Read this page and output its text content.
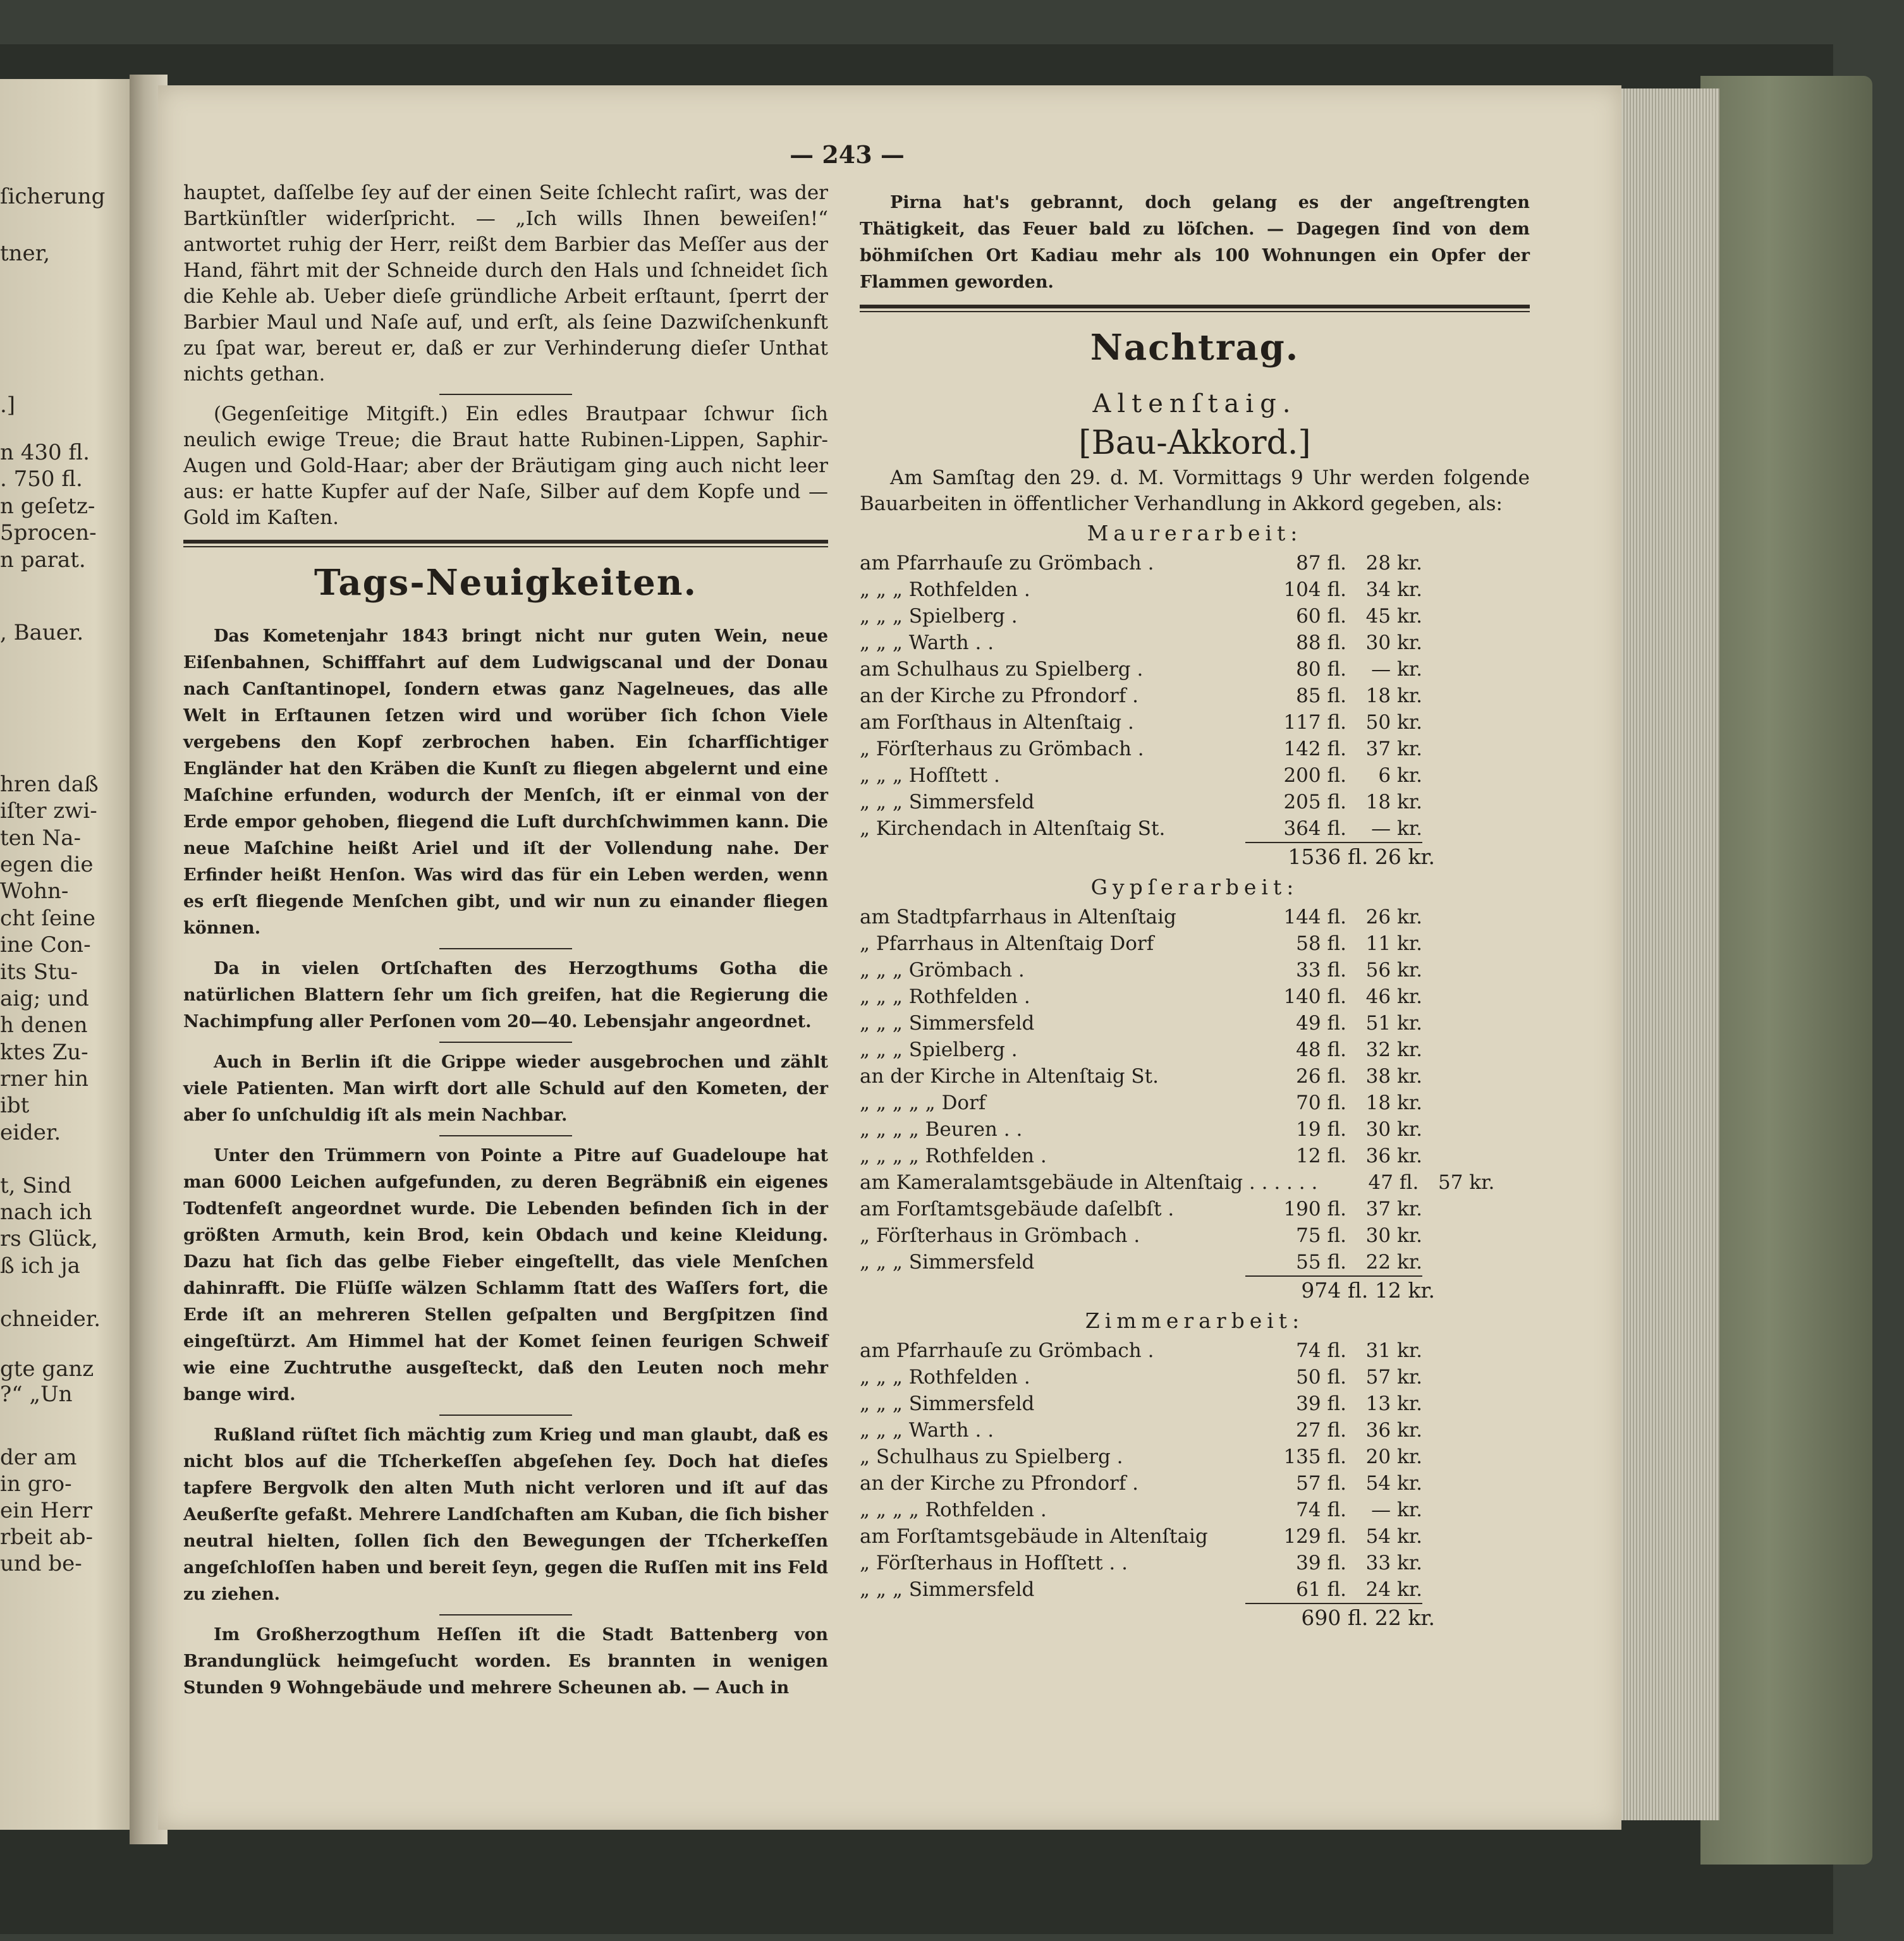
ſicherung
tner,
.]
n 430 fl.
. 750 fl.
n geſetz-
5procen-
n parat.
, Bauer.
hren daß
iſter zwi-
ten Na-
egen die
Wohn-
cht ſeine
ine Con-
its Stu-
aig; und
h denen
ktes Zu-
rner hin
ibt
eider.
t, Sind
nach ich
rs Glück,
ß ich ja
chneider.
gte ganz
?“ „Un
der am
in gro-
ein Herr
rbeit ab-
und be-
— 243 —

hauptet, daſſelbe ſey auf der einen Seite ſchlecht raſirt, was der Bartkünſtler widerſpricht. — „Ich wills Ihnen beweiſen!“ antwortet ruhig der Herr, reißt dem Barbier das Meſſer aus der Hand, fährt mit der Schneide durch den Hals und ſchneidet ſich die Kehle ab. Ueber dieſe gründliche Arbeit erſtaunt, ſperrt der Barbier Maul und Naſe auf, und erſt, als ſeine Dazwiſchenkunft zu ſpat war, bereut er, daß er zur Verhinderung dieſer Unthat nichts gethan.

(Gegenſeitige Mitgift.) Ein edles Brautpaar ſchwur ſich neulich ewige Treue; die Braut hatte Rubinen-Lippen, Saphir-Augen und Gold-Haar; aber der Bräutigam ging auch nicht leer aus: er hatte Kupfer auf der Naſe, Silber auf dem Kopfe und — Gold im Kaſten.

Tags-Neuigkeiten.

Das Kometenjahr 1843 bringt nicht nur guten Wein, neue Eiſenbahnen, Schifffahrt auf dem Ludwigscanal und der Donau nach Canſtantinopel, ſondern etwas ganz Nagelneues, das alle Welt in Erſtaunen ſetzen wird und worüber ſich ſchon Viele vergebens den Kopf zerbrochen haben. Ein ſcharfſichtiger Engländer hat den Kräben die Kunſt zu fliegen abgelernt und eine Maſchine erfunden, wodurch der Menſch, iſt er einmal von der Erde empor gehoben, fliegend die Luft durchſchwimmen kann. Die neue Maſchine heißt Ariel und iſt der Vollendung nahe. Der Erfinder heißt Henſon. Was wird das für ein Leben werden, wenn es erſt fliegende Menſchen gibt, und wir nun zu einander fliegen können.

Da in vielen Ortſchaften des Herzogthums Gotha die natürlichen Blattern ſehr um ſich greifen, hat die Regierung die Nachimpfung aller Perſonen vom 20—40. Lebensjahr angeordnet.

Auch in Berlin iſt die Grippe wieder ausgebrochen und zählt viele Patienten. Man wirft dort alle Schuld auf den Kometen, der aber ſo unſchuldig iſt als mein Nachbar.

Unter den Trümmern von Pointe a Pitre auf Guadeloupe hat man 6000 Leichen aufgefunden, zu deren Begräbniß ein eigenes Todtenfeſt angeordnet wurde. Die Lebenden befinden ſich in der größten Armuth, kein Brod, kein Obdach und keine Kleidung. Dazu hat ſich das gelbe Fieber eingeſtellt, das viele Menſchen dahinrafft. Die Flüſſe wälzen Schlamm ſtatt des Waſſers fort, die Erde iſt an mehreren Stellen geſpalten und Bergſpitzen ſind eingeſtürzt. Am Himmel hat der Komet ſeinen feurigen Schweif wie eine Zuchtruthe ausgeſteckt, daß den Leuten noch mehr bange wird.

Rußland rüſtet ſich mächtig zum Krieg und man glaubt, daß es nicht blos auf die Tſcherkeſſen abgeſehen ſey. Doch hat dieſes tapfere Bergvolk den alten Muth nicht verloren und iſt auf das Aeußerſte gefaßt. Mehrere Landſchaften am Kuban, die ſich bisher neutral hielten, ſollen ſich den Bewegungen der Tſcherkeſſen angeſchloſſen haben und bereit ſeyn, gegen die Ruſſen mit ins Feld zu ziehen.

Im Großherzogthum Heſſen iſt die Stadt Battenberg von Brandunglück heimgeſucht worden. Es brannten in wenigen Stunden 9 Wohngebäude und mehrere Scheunen ab. — Auch in

Pirna hat's gebrannt, doch gelang es der angeſtrengten Thätigkeit, das Feuer bald zu löſchen. — Dagegen ſind von dem böhmiſchen Ort Kadiau mehr als 100 Wohnungen ein Opfer der Flammen geworden.

Nachtrag.
Altenſtaig.
[Bau-Akkord.]

Am Samſtag den 29. d. M. Vormittags 9 Uhr werden folgende Bauarbeiten in öffentlicher Verhandlung in Akkord gegeben, als:

Maurerarbeit:
am Pfarrhauſe zu Grömbach .	87 fl. 28 kr.
„ „ „ Rothfelden .	104 fl. 34 kr.
„ „ „ Spielberg .	60 fl. 45 kr.
„ „ „ Warth . .	88 fl. 30 kr.
am Schulhaus zu Spielberg .	80 fl.	— kr.
an der Kirche zu Pfrondorf .	85 fl. 18 kr.
am Forſthaus in Altenſtaig .	117 fl. 50 kr.
„ Förſterhaus zu Grömbach .	142 fl. 37 kr.
„ „ „ Hofſtett .	200 fl.	6 kr.
„ „ „ Simmersfeld	205 fl. 18 kr.
„ Kirchendach in Altenſtaig St.	364 fl.	— kr.
1536 fl. 26 kr.
Gypſerarbeit:
am Stadtpfarrhaus in Altenſtaig	144 fl. 26 kr.
„ Pfarrhaus in Altenſtaig Dorf	58 fl. 11 kr.
„ „ „ Grömbach .	33 fl. 56 kr.
„ „ „ Rothfelden .	140 fl. 46 kr.
„ „ „ Simmersfeld	49 fl. 51 kr.
„ „ „ Spielberg .	48 fl. 32 kr.
an der Kirche in Altenſtaig St.	26 fl. 38 kr.
„ „ „ „ „ Dorf	70 fl. 18 kr.
„ „ „ „ Beuren . .	19 fl. 30 kr.
„ „ „ „ Rothfelden .	12 fl. 36 kr.
am Kameralamtsgebäude in Altenſtaig . . . . . .	47 fl. 57 kr.
am Forſtamtsgebäude daſelbſt .	190 fl. 37 kr.
„ Förſterhaus in Grömbach .	75 fl. 30 kr.
„ „ „ Simmersfeld	55 fl. 22 kr.
974 fl. 12 kr.
Zimmerarbeit:
am Pfarrhauſe zu Grömbach .	74 fl. 31 kr.
„ „ „ Rothfelden .	50 fl. 57 kr.
„ „ „ Simmersfeld	39 fl. 13 kr.
„ „ „ Warth . .	27 fl. 36 kr.
„ Schulhaus zu Spielberg .	135 fl. 20 kr.
an der Kirche zu Pfrondorf .	57 fl. 54 kr.
„ „ „ „ Rothfelden .	74 fl.	— kr.
am Forſtamtsgebäude in Altenſtaig	129 fl. 54 kr.
„ Förſterhaus in Hofſtett . .	39 fl. 33 kr.
„ „ „ Simmersfeld	61 fl. 24 kr.
690 fl. 22 kr.
